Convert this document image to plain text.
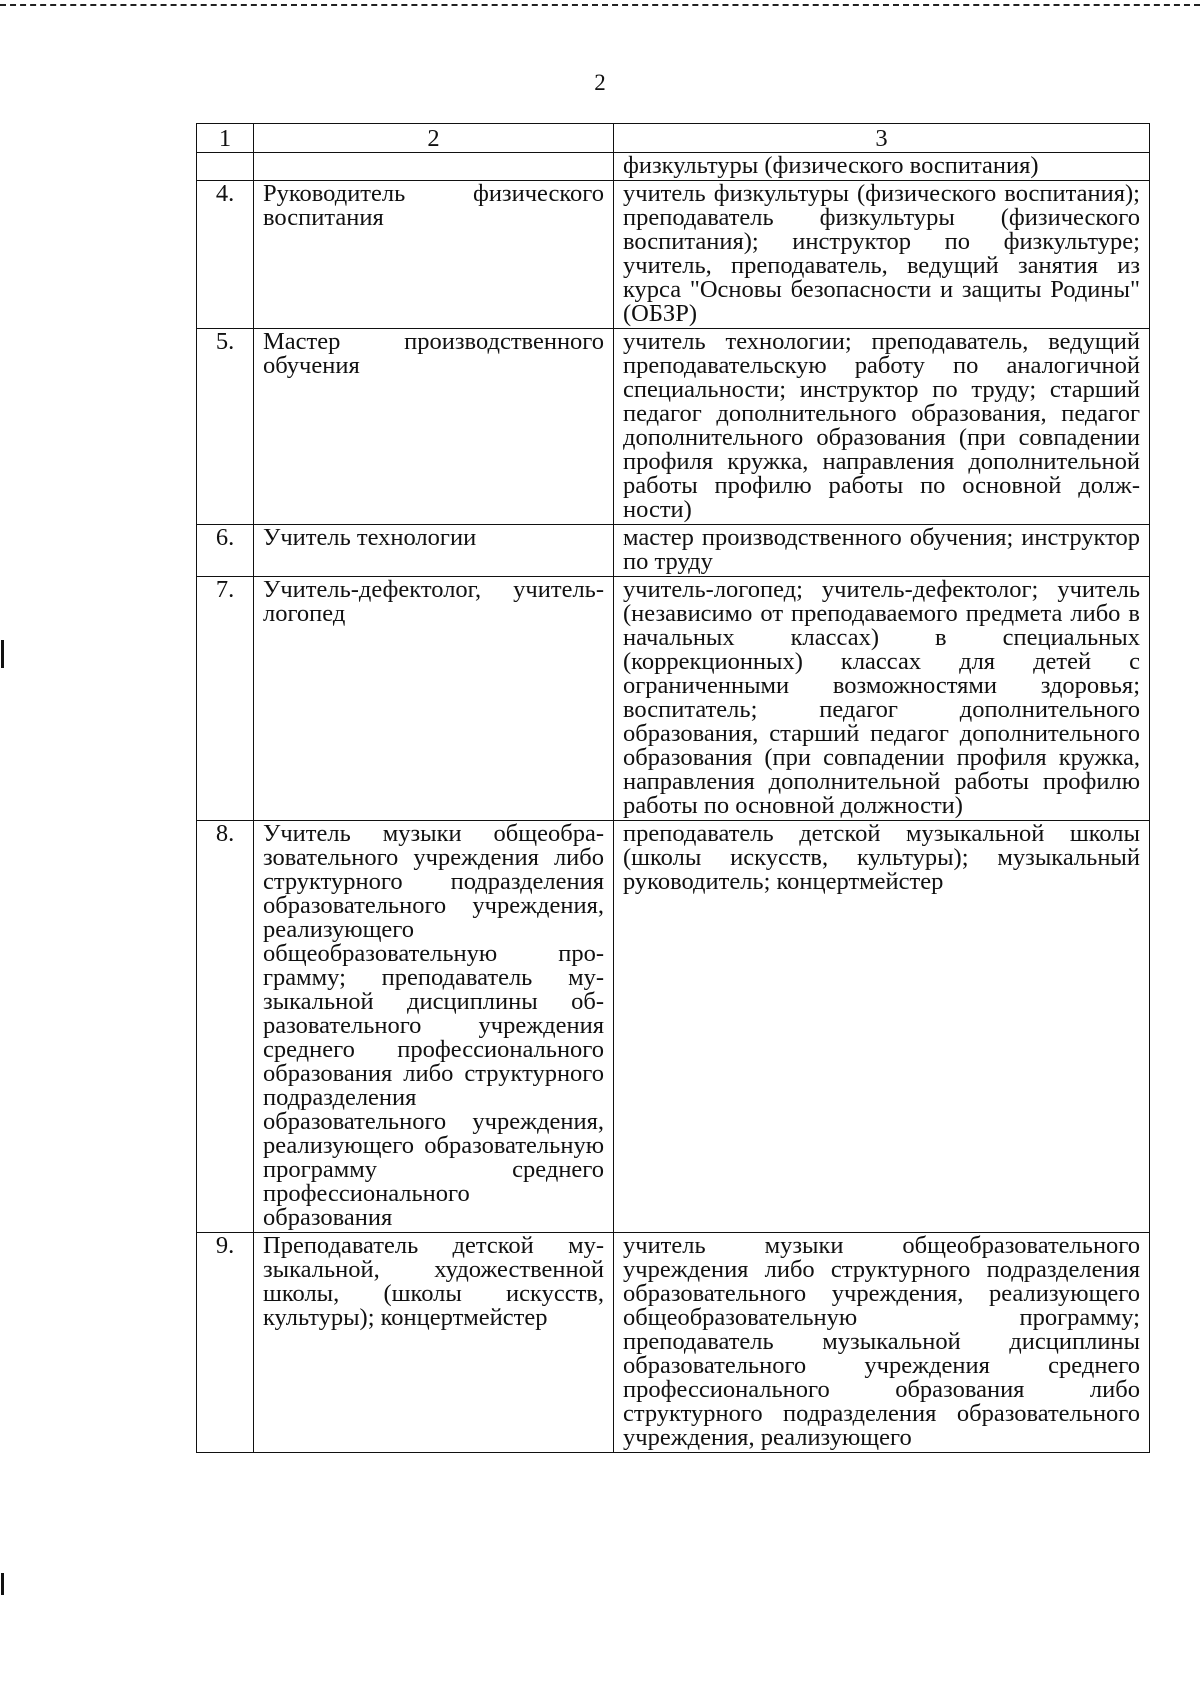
2
1	2	3
		физкультуры (физического воспитания)
4.	Руководитель физического воспитания	учитель физкультуры (физического воспитания); преподаватель физкультуры (физического воспитания); инструктор по физкультуре; учитель, преподаватель, ведущий занятия из курса "Основы безопасности и защиты Родины" (ОБЗР)
5.	Мастер производственного обучения	учитель технологии; преподаватель, ведущий преподавательскую работу по аналогичной специальности; инструктор по труду; старший педагог дополнительного образования, педагог дополнительного образования (при совпадении профиля кружка, направления дополнительной работы профилю работы по основной должности)
6.	Учитель технологии	мастер производственного обучения; инструктор по труду
7.	Учитель-дефектолог, учитель-логопед	учитель-логопед; учитель-дефектолог; учитель (независимо от преподаваемого предмета либо в начальных классах) в специальных (коррекционных) классах для детей с ограниченными возможностями здоровья; воспитатель; педагог дополнительного образования, старший педагог дополнительного образования (при совпадении профиля кружка, направления дополнительной работы профилю работы по основной должности)
8.	Учитель музыки общеобразовательного учреждения либо структурного подразделения образовательного учреждения, реализующего общеобразовательную программу; преподаватель музыкальной дисциплины образовательного учреждения среднего профессионального образования либо структурного подразделения образовательного учреждения, реализующего образовательную программу среднего профессионального образования	преподаватель детской музыкальной школы (школы искусств, культуры); музыкальный руководитель; концертмейстер
9.	Преподаватель детской музыкальной, художественной школы, (школы искусств, культуры); концертмейстер	учитель музыки общеобразовательного учреждения либо структурного подразделения образовательного учреждения, реализующего общеобразовательную программу; преподаватель музыкальной дисциплины образовательного учреждения среднего профессионального образования либо структурного подразделения образовательного учреждения, реализующего
